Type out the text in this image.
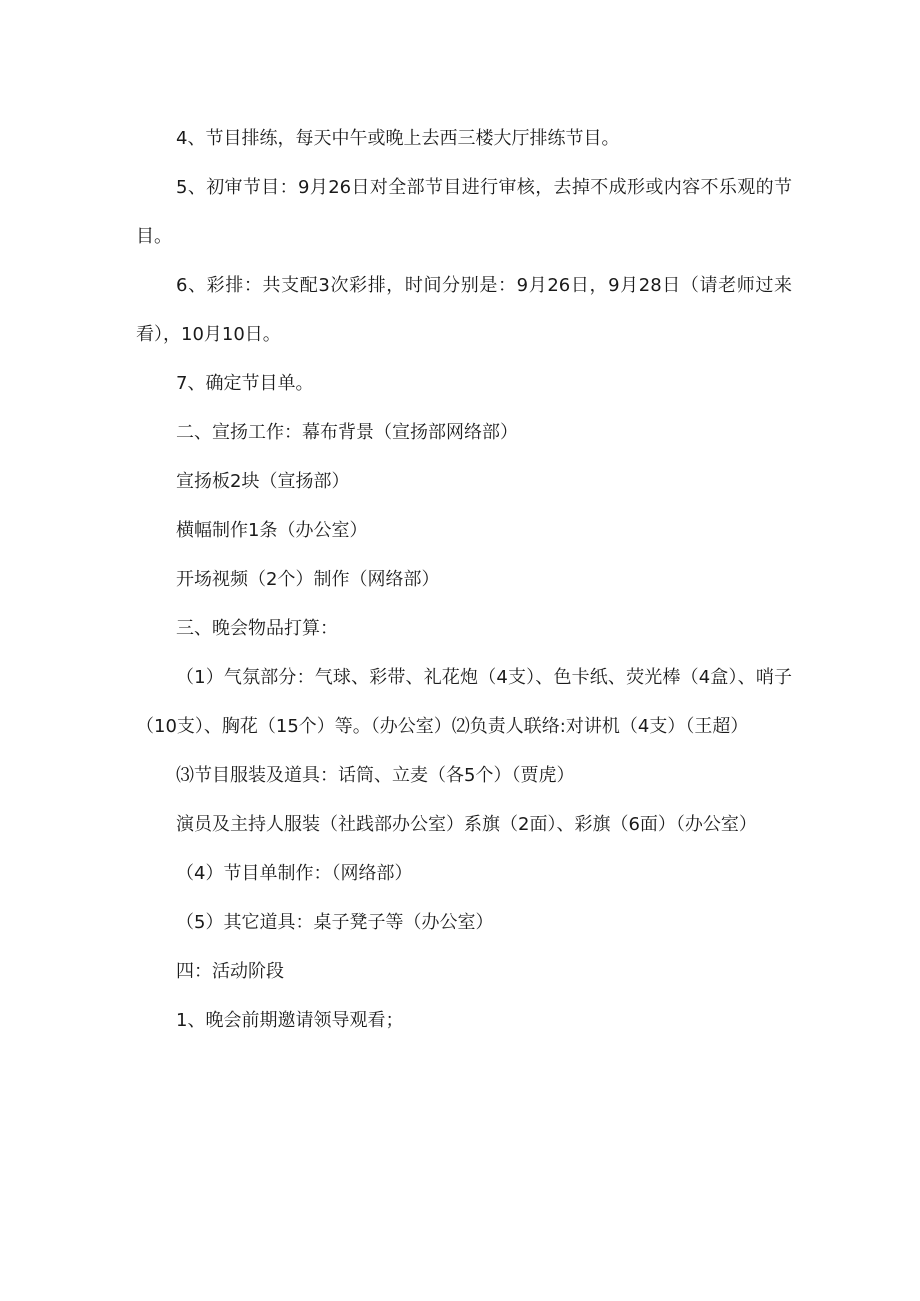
4、节目排练，每天中午或晚上去西三楼大厅排练节目。

5、初审节目：9月26日对全部节目进行审核，去掉不成形或内容不乐观的节目。

6、彩排：共支配3次彩排，时间分别是：9月26日，9月28日（请老师过来看），10月10日。

7、确定节目单。

二、宣扬工作：幕布背景（宣扬部网络部）

宣扬板2块（宣扬部）

横幅制作1条（办公室）

开场视频（2个）制作（网络部）

三、晚会物品打算：

（1）气氛部分：气球、彩带、礼花炮（4支）、色卡纸、荧光棒（4盒）、哨子（10支）、胸花（15个）等。（办公室）⑵负责人联络:对讲机（4支）（王超）

⑶节目服装及道具：话筒、立麦（各5个）（贾虎）

演员及主持人服装（社践部办公室）系旗（2面）、彩旗（6面）（办公室）

（4）节目单制作：（网络部）

（5）其它道具：桌子凳子等（办公室）

四：活动阶段

1、晚会前期邀请领导观看；
